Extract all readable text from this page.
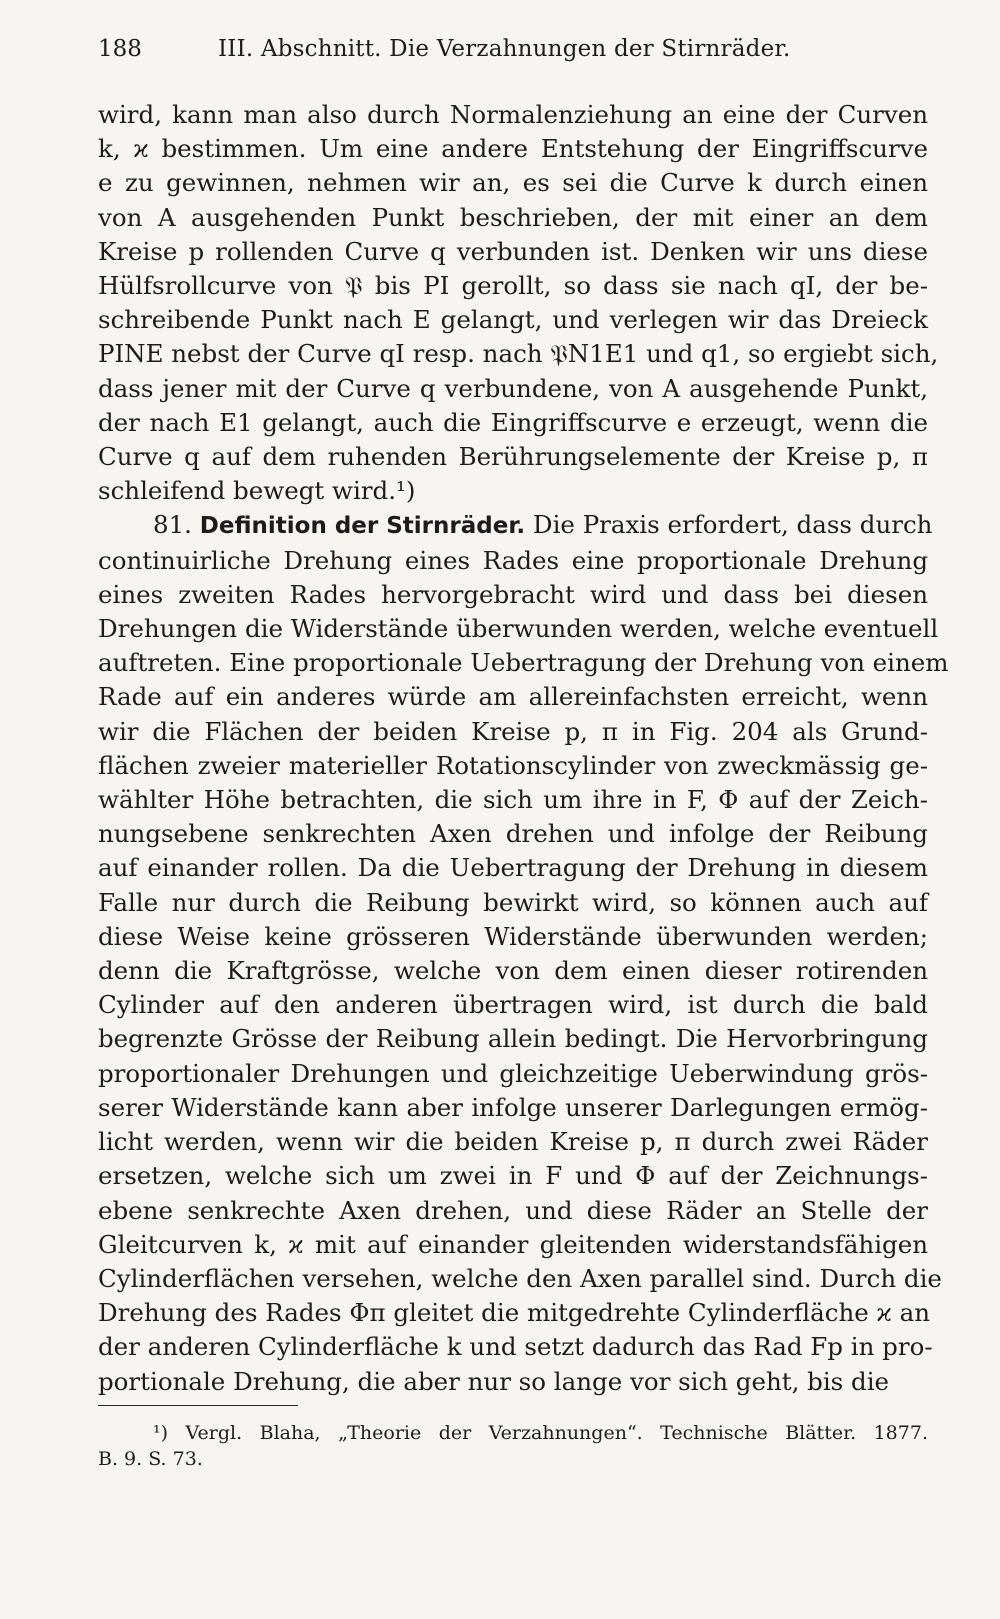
188	III. Abschnitt. Die Verzahnungen der Stirnräder.
wird, kann man also durch Normalenziehung an eine der Curven
k, ϰ bestimmen. Um eine andere Entstehung der Eingriffscurve
e zu gewinnen, nehmen wir an, es sei die Curve k durch einen
von A ausgehenden Punkt beschrieben, der mit einer an dem
Kreise p rollenden Curve q verbunden ist. Denken wir uns diese
Hülfsrollcurve von 𝔓 bis PI gerollt, so dass sie nach qI, der be-
schreibende Punkt nach E gelangt, und verlegen wir das Dreieck
PINE nebst der Curve qI resp. nach 𝔓N1E1 und q1, so ergiebt sich,
dass jener mit der Curve q verbundene, von A ausgehende Punkt,
der nach E1 gelangt, auch die Eingriffscurve e erzeugt, wenn die
Curve q auf dem ruhenden Berührungselemente der Kreise p, π
schleifend bewegt wird.¹)
81. Definition der Stirnräder. Die Praxis erfordert, dass durch
continuirliche Drehung eines Rades eine proportionale Drehung
eines zweiten Rades hervorgebracht wird und dass bei diesen
Drehungen die Widerstände überwunden werden, welche eventuell
auftreten. Eine proportionale Uebertragung der Drehung von einem
Rade auf ein anderes würde am allereinfachsten erreicht, wenn
wir die Flächen der beiden Kreise p, π in Fig. 204 als Grund-
flächen zweier materieller Rotationscylinder von zweckmässig ge-
wählter Höhe betrachten, die sich um ihre in F, Φ auf der Zeich-
nungsebene senkrechten Axen drehen und infolge der Reibung
auf einander rollen. Da die Uebertragung der Drehung in diesem
Falle nur durch die Reibung bewirkt wird, so können auch auf
diese Weise keine grösseren Widerstände überwunden werden;
denn die Kraftgrösse, welche von dem einen dieser rotirenden
Cylinder auf den anderen übertragen wird, ist durch die bald
begrenzte Grösse der Reibung allein bedingt. Die Hervorbringung
proportionaler Drehungen und gleichzeitige Ueberwindung grös-
serer Widerstände kann aber infolge unserer Darlegungen ermög-
licht werden, wenn wir die beiden Kreise p, π durch zwei Räder
ersetzen, welche sich um zwei in F und Φ auf der Zeichnungs-
ebene senkrechte Axen drehen, und diese Räder an Stelle der
Gleitcurven k, ϰ mit auf einander gleitenden widerstandsfähigen
Cylinderflächen versehen, welche den Axen parallel sind. Durch die
Drehung des Rades Φπ gleitet die mitgedrehte Cylinderfläche ϰ an
der anderen Cylinderfläche k und setzt dadurch das Rad Fp in pro-
portionale Drehung, die aber nur so lange vor sich geht, bis die
¹) Vergl. Blaha, „Theorie der Verzahnungen“. Technische Blätter. 1877.
B. 9. S. 73.
